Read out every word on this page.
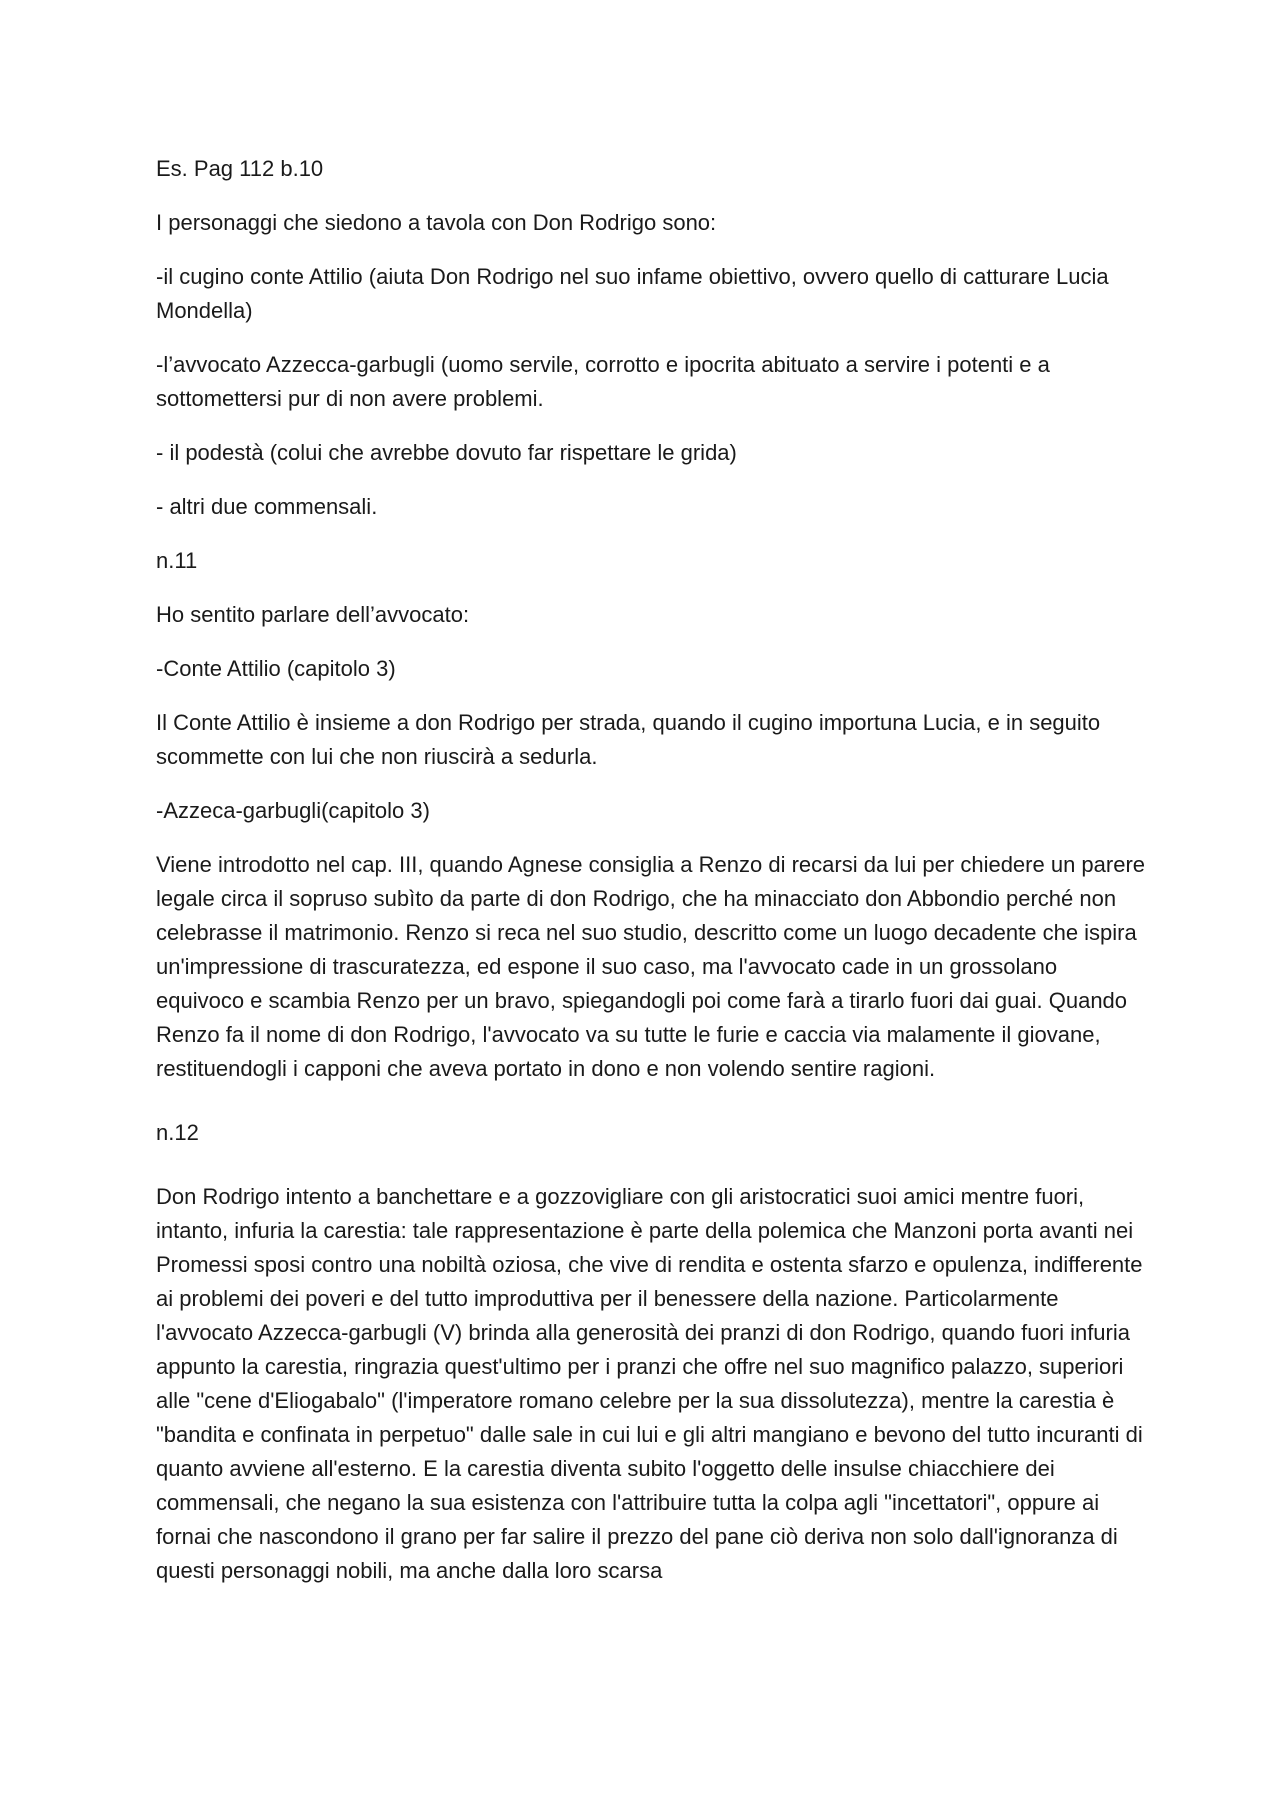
Es. Pag 112 b.10

I personaggi che siedono a tavola con Don Rodrigo sono:

-il cugino conte Attilio (aiuta Don Rodrigo nel suo infame obiettivo, ovvero quello di catturare Lucia Mondella)

-l’avvocato Azzecca-garbugli (uomo servile, corrotto e ipocrita abituato a servire i potenti e a sottomettersi pur di non avere problemi.

- il podestà (colui che avrebbe dovuto far rispettare le grida)

- altri due commensali.

n.11

Ho sentito parlare dell’avvocato:

-Conte Attilio (capitolo 3)

Il Conte Attilio è insieme a don Rodrigo per strada, quando il cugino importuna Lucia, e in seguito scommette con lui che non riuscirà a sedurla.

-Azzeca-garbugli(capitolo 3)

Viene introdotto nel cap. III, quando Agnese consiglia a Renzo di recarsi da lui per chiedere un parere legale circa il sopruso subìto da parte di don Rodrigo, che ha minacciato don Abbondio perché non celebrasse il matrimonio. Renzo si reca nel suo studio, descritto come un luogo decadente che ispira un'impressione di trascuratezza, ed espone il suo caso, ma l'avvocato cade in un grossolano equivoco e scambia Renzo per un bravo, spiegandogli poi come farà a tirarlo fuori dai guai. Quando Renzo fa il nome di don Rodrigo, l'avvocato va su tutte le furie e caccia via malamente il giovane, restituendogli i capponi che aveva portato in dono e non volendo sentire ragioni.

n.12

Don Rodrigo intento a banchettare e a gozzovigliare con gli aristocratici suoi amici mentre fuori, intanto, infuria la carestia: tale rappresentazione è parte della polemica che Manzoni porta avanti nei Promessi sposi contro una nobiltà oziosa, che vive di rendita e ostenta sfarzo e opulenza, indifferente ai problemi dei poveri e del tutto improduttiva per il benessere della nazione. Particolarmente l'avvocato Azzecca-garbugli (V) brinda alla generosità dei pranzi di don Rodrigo, quando fuori infuria appunto la carestia, ringrazia quest'ultimo per i pranzi che offre nel suo magnifico palazzo, superiori alle "cene d'Eliogabalo" (l'imperatore romano celebre per la sua dissolutezza), mentre la carestia è "bandita e confinata in perpetuo" dalle sale in cui lui e gli altri mangiano e bevono del tutto incuranti di quanto avviene all'esterno. E la carestia diventa subito l'oggetto delle insulse chiacchiere dei commensali, che negano la sua esistenza con l'attribuire tutta la colpa agli "incettatori", oppure ai fornai che nascondono il grano per far salire il prezzo del pane ciò deriva non solo dall'ignoranza di questi personaggi nobili, ma anche dalla loro scarsa
